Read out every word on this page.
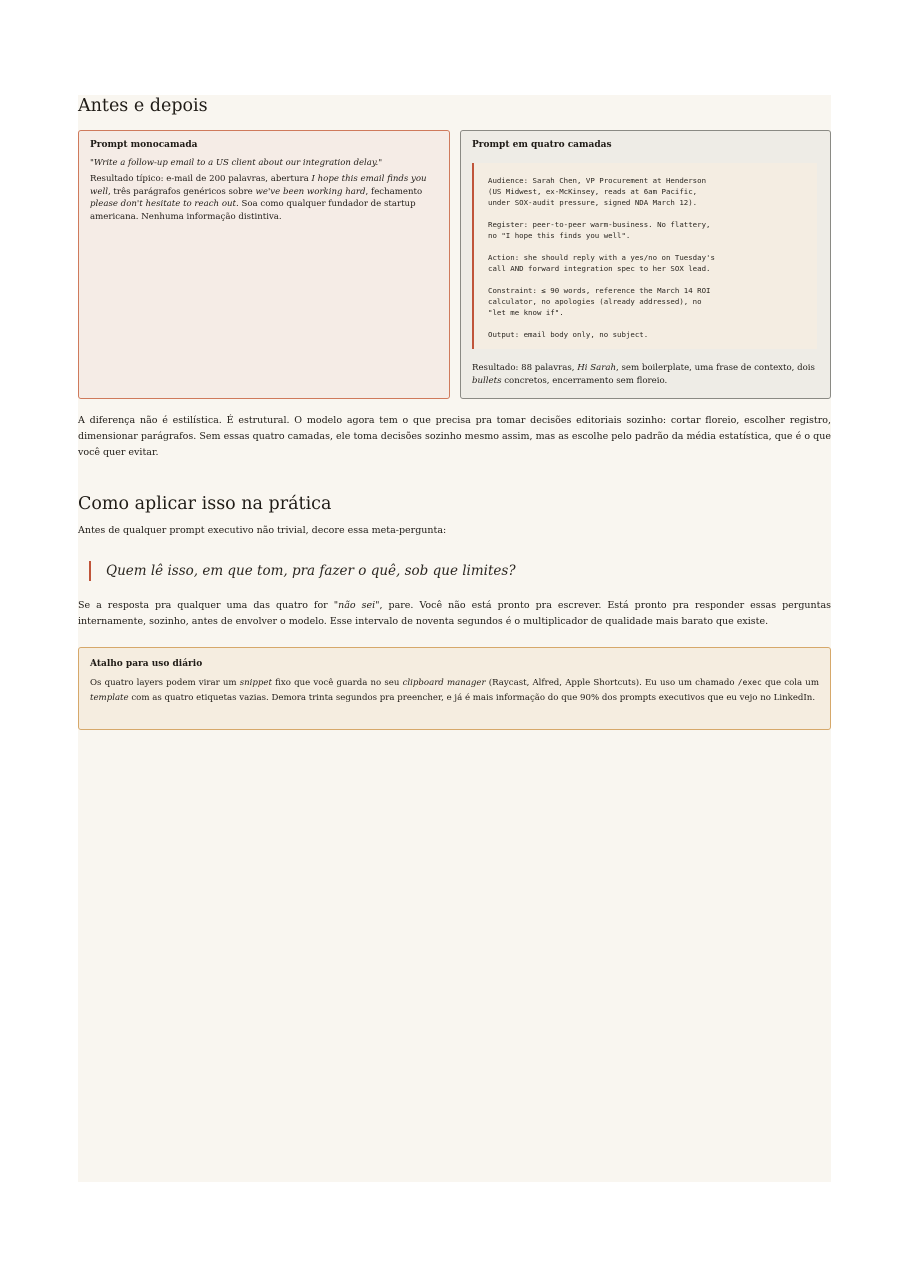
Antes e depois

Prompt monocamada

"Write a follow-up email to a US client about our integration delay."

Resultado típico: e-mail de 200 palavras, abertura I hope this email finds you well, três parágrafos genéricos sobre we've been working hard, fechamento please don't hesitate to reach out. Soa como qualquer fundador de startup americana. Nenhuma informação distintiva.

Prompt em quatro camadas

Audience: Sarah Chen, VP Procurement at Henderson
(US Midwest, ex-McKinsey, reads at 6am Pacific,
under SOX-audit pressure, signed NDA March 12).

Register: peer-to-peer warm-business. No flattery,
no "I hope this finds you well".

Action: she should reply with a yes/no on Tuesday's
call AND forward integration spec to her SOX lead.

Constraint: ≤ 90 words, reference the March 14 ROI
calculator, no apologies (already addressed), no
"let me know if".

Output: email body only, no subject.

Resultado: 88 palavras, Hi Sarah, sem boilerplate, uma frase de contexto, dois bullets concretos, encerramento sem floreio.

A diferença não é estilística. É estrutural. O modelo agora tem o que precisa pra tomar decisões editoriais sozinho: cortar floreio, escolher registro, dimensionar parágrafos. Sem essas quatro camadas, ele toma decisões sozinho mesmo assim, mas as escolhe pelo padrão da média estatística, que é o que você quer evitar.

Como aplicar isso na prática

Antes de qualquer prompt executivo não trivial, decore essa meta-pergunta:

Quem lê isso, em que tom, pra fazer o quê, sob que limites?

Se a resposta pra qualquer uma das quatro for "não sei", pare. Você não está pronto pra escrever. Está pronto pra responder essas perguntas internamente, sozinho, antes de envolver o modelo. Esse intervalo de noventa segundos é o multiplicador de qualidade mais barato que existe.

Atalho para uso diário

Os quatro layers podem virar um snippet fixo que você guarda no seu clipboard manager (Raycast, Alfred, Apple Shortcuts). Eu uso um chamado /exec que cola um template com as quatro etiquetas vazias. Demora trinta segundos pra preencher, e já é mais informação do que 90% dos prompts executivos que eu vejo no LinkedIn.
